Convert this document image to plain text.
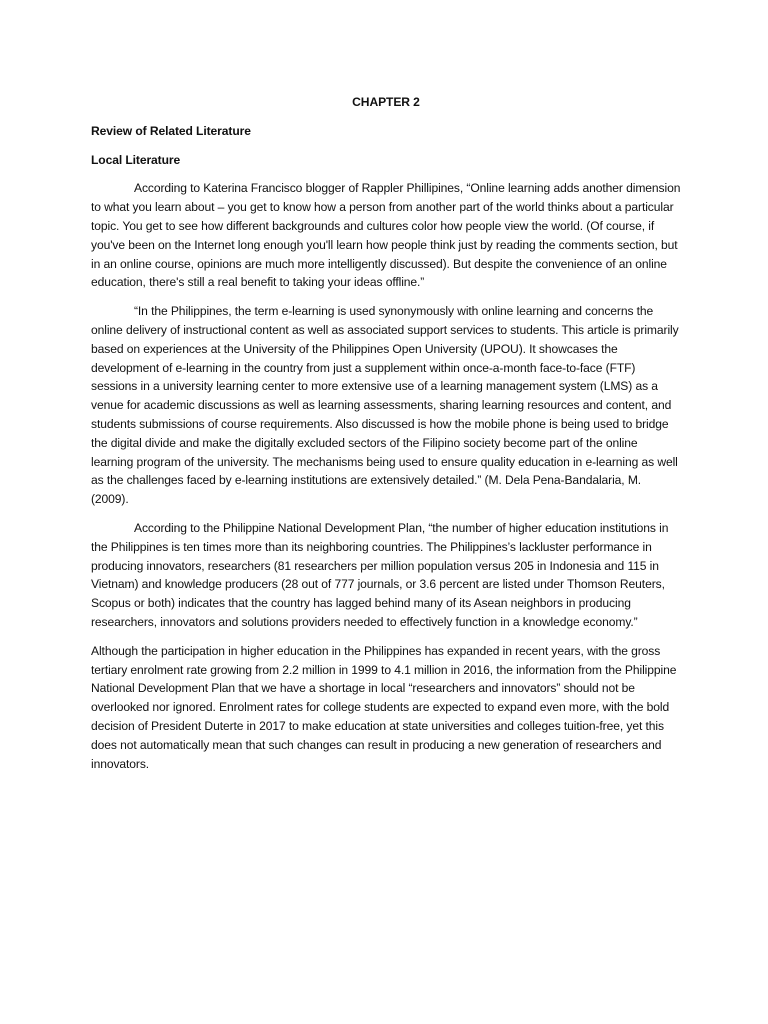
CHAPTER 2
Review of Related Literature
Local Literature

According to Katerina Francisco blogger of Rappler Phillipines, “Online learning adds another dimension to what you learn about – you get to know how a person from another part of the world thinks about a particular topic. You get to see how different backgrounds and cultures color how people view the world. (Of course, if you've been on the Internet long enough you'll learn how people think just by reading the comments section, but in an online course, opinions are much more intelligently discussed). But despite the convenience of an online education, there's still a real benefit to taking your ideas offline.”

“In the Philippines, the term e-learning is used synonymously with online learning and concerns the online delivery of instructional content as well as associated support services to students. This article is primarily based on experiences at the University of the Philippines Open University (UPOU). It showcases the development of e-learning in the country from just a supplement within once-a-month face-to-face (FTF) sessions in a university learning center to more extensive use of a learning management system (LMS) as a venue for academic discussions as well as learning assessments, sharing learning resources and content, and students submissions of course requirements. Also discussed is how the mobile phone is being used to bridge the digital divide and make the digitally excluded sectors of the Filipino society become part of the online learning program of the university. The mechanisms being used to ensure quality education in e-learning as well as the challenges faced by e-learning institutions are extensively detailed.” (M. Dela Pena-Bandalaria, M. (2009).

According to the Philippine National Development Plan, “the number of higher education institutions in the Philippines is ten times more than its neighboring countries. The Philippines’s lackluster performance in producing innovators, researchers (81 researchers per million population versus 205 in Indonesia and 115 in Vietnam) and knowledge producers (28 out of 777 journals, or 3.6 percent are listed under Thomson Reuters, Scopus or both) indicates that the country has lagged behind many of its Asean neighbors in producing researchers, innovators and solutions providers needed to effectively function in a knowledge economy.”

Although the participation in higher education in the Philippines has expanded in recent years, with the gross tertiary enrolment rate growing from 2.2 million in 1999 to 4.1 million in 2016, the information from the Philippine National Development Plan that we have a shortage in local “researchers and innovators” should not be overlooked nor ignored. Enrolment rates for college students are expected to expand even more, with the bold decision of President Duterte in 2017 to make education at state universities and colleges tuition-free, yet this does not automatically mean that such changes can result in producing a new generation of researchers and innovators.
